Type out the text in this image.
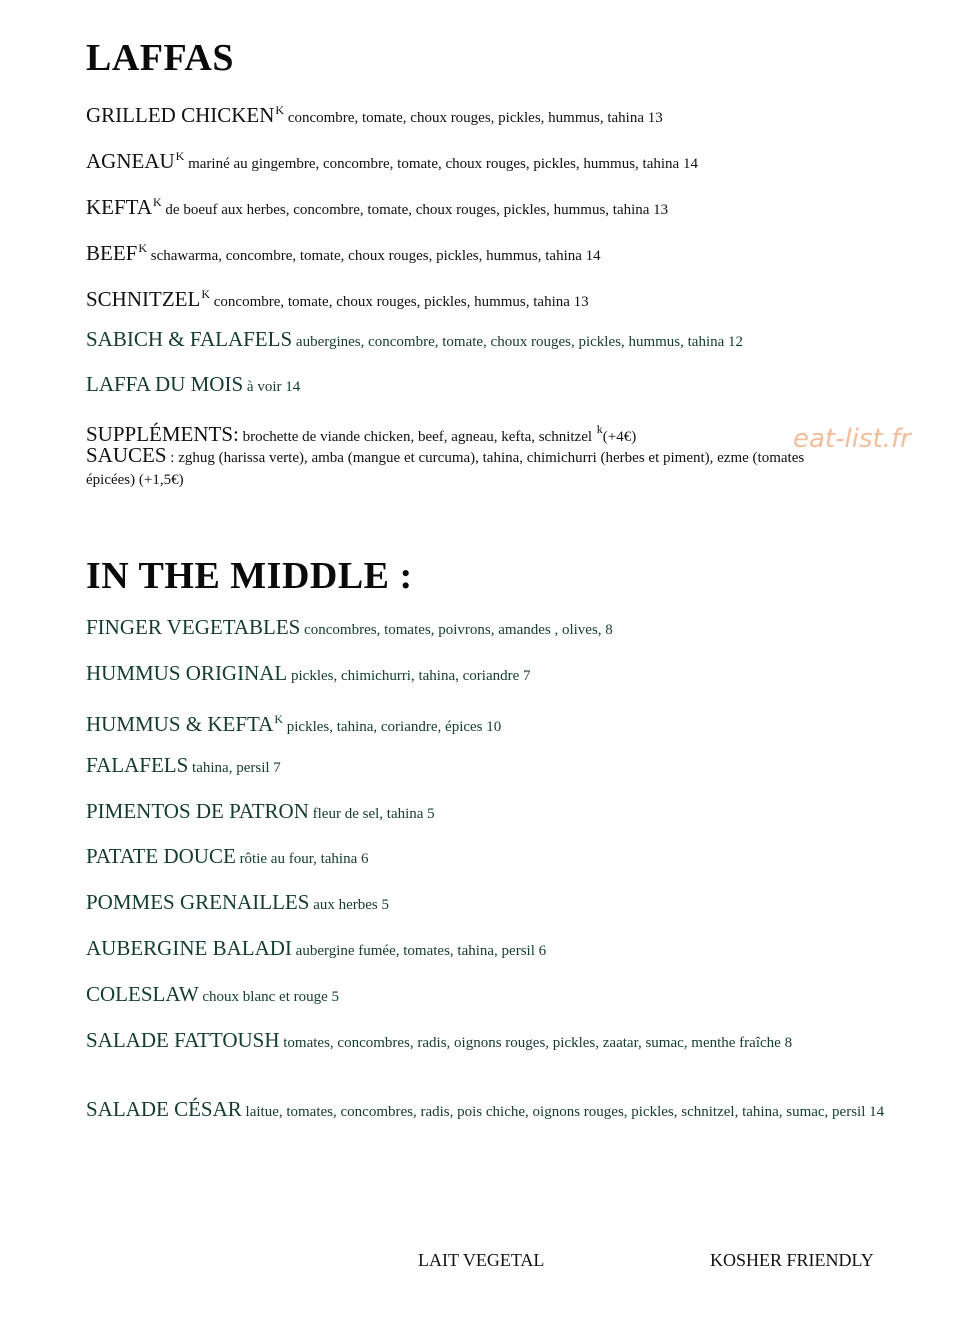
LAFFAS
GRILLED $CHICKEN^K$ concombre, tomate, choux rouges, pickles, hummus, tahina 13
$AGNEAU^K$ mariné au gingembre, concombre, tomate, choux rouges, pickles, hummus, tahina 14
$KEFTA^K$ de boeuf aux herbes, concombre, tomate, choux rouges, pickles, hummus, tahina 13
$BEEF^K$ schawarma, concombre, tomate, choux rouges, pickles, hummus, tahina 14
$SCHNITZEL^K$ concombre, tomate, choux rouges, pickles, hummus, tahina 13
SABICH & FALAFELS aubergines, concombre, tomate, choux rouges, pickles, hummus, tahina 12
LAFFA DU MOIS à voir 14
SUPPLÉMENTS: brochette de viande chicken, beef, agneau, kefta, schnitzel $^k$(+4€)
SAUCES : zghug (harissa verte), amba (mangue et curcuma), tahina, chimichurri (herbes et piment), ezme (tomates épicées) (+1,5€)
IN THE MIDDLE :
FINGER VEGETABLES concombres, tomates, poivrons, amandes , olives, 8
HUMMUS ORIGINAL pickles, chimichurri, tahina, coriandre 7
HUMMUS & $KEFTA^K$ pickles, tahina, coriandre, épices 10
FALAFELS tahina, persil 7
PIMENTOS DE PATRON fleur de sel, tahina 5
PATATE DOUCE rôtie au four, tahina 6
POMMES GRENAILLES aux herbes 5
AUBERGINE BALADI aubergine fumée, tomates, tahina, persil 6
COLESLAW choux blanc et rouge 5
SALADE FATTOUSH tomates, concombres, radis, oignons rouges, pickles, zaatar, sumac, menthe fraîche 8
SALADE CÉSAR laitue, tomates, concombres, radis, pois chiche, oignons rouges, pickles, schnitzel, tahina, sumac, persil 14
eat-list.fr
LAIT VEGETAL	KOSHER FRIENDLY
